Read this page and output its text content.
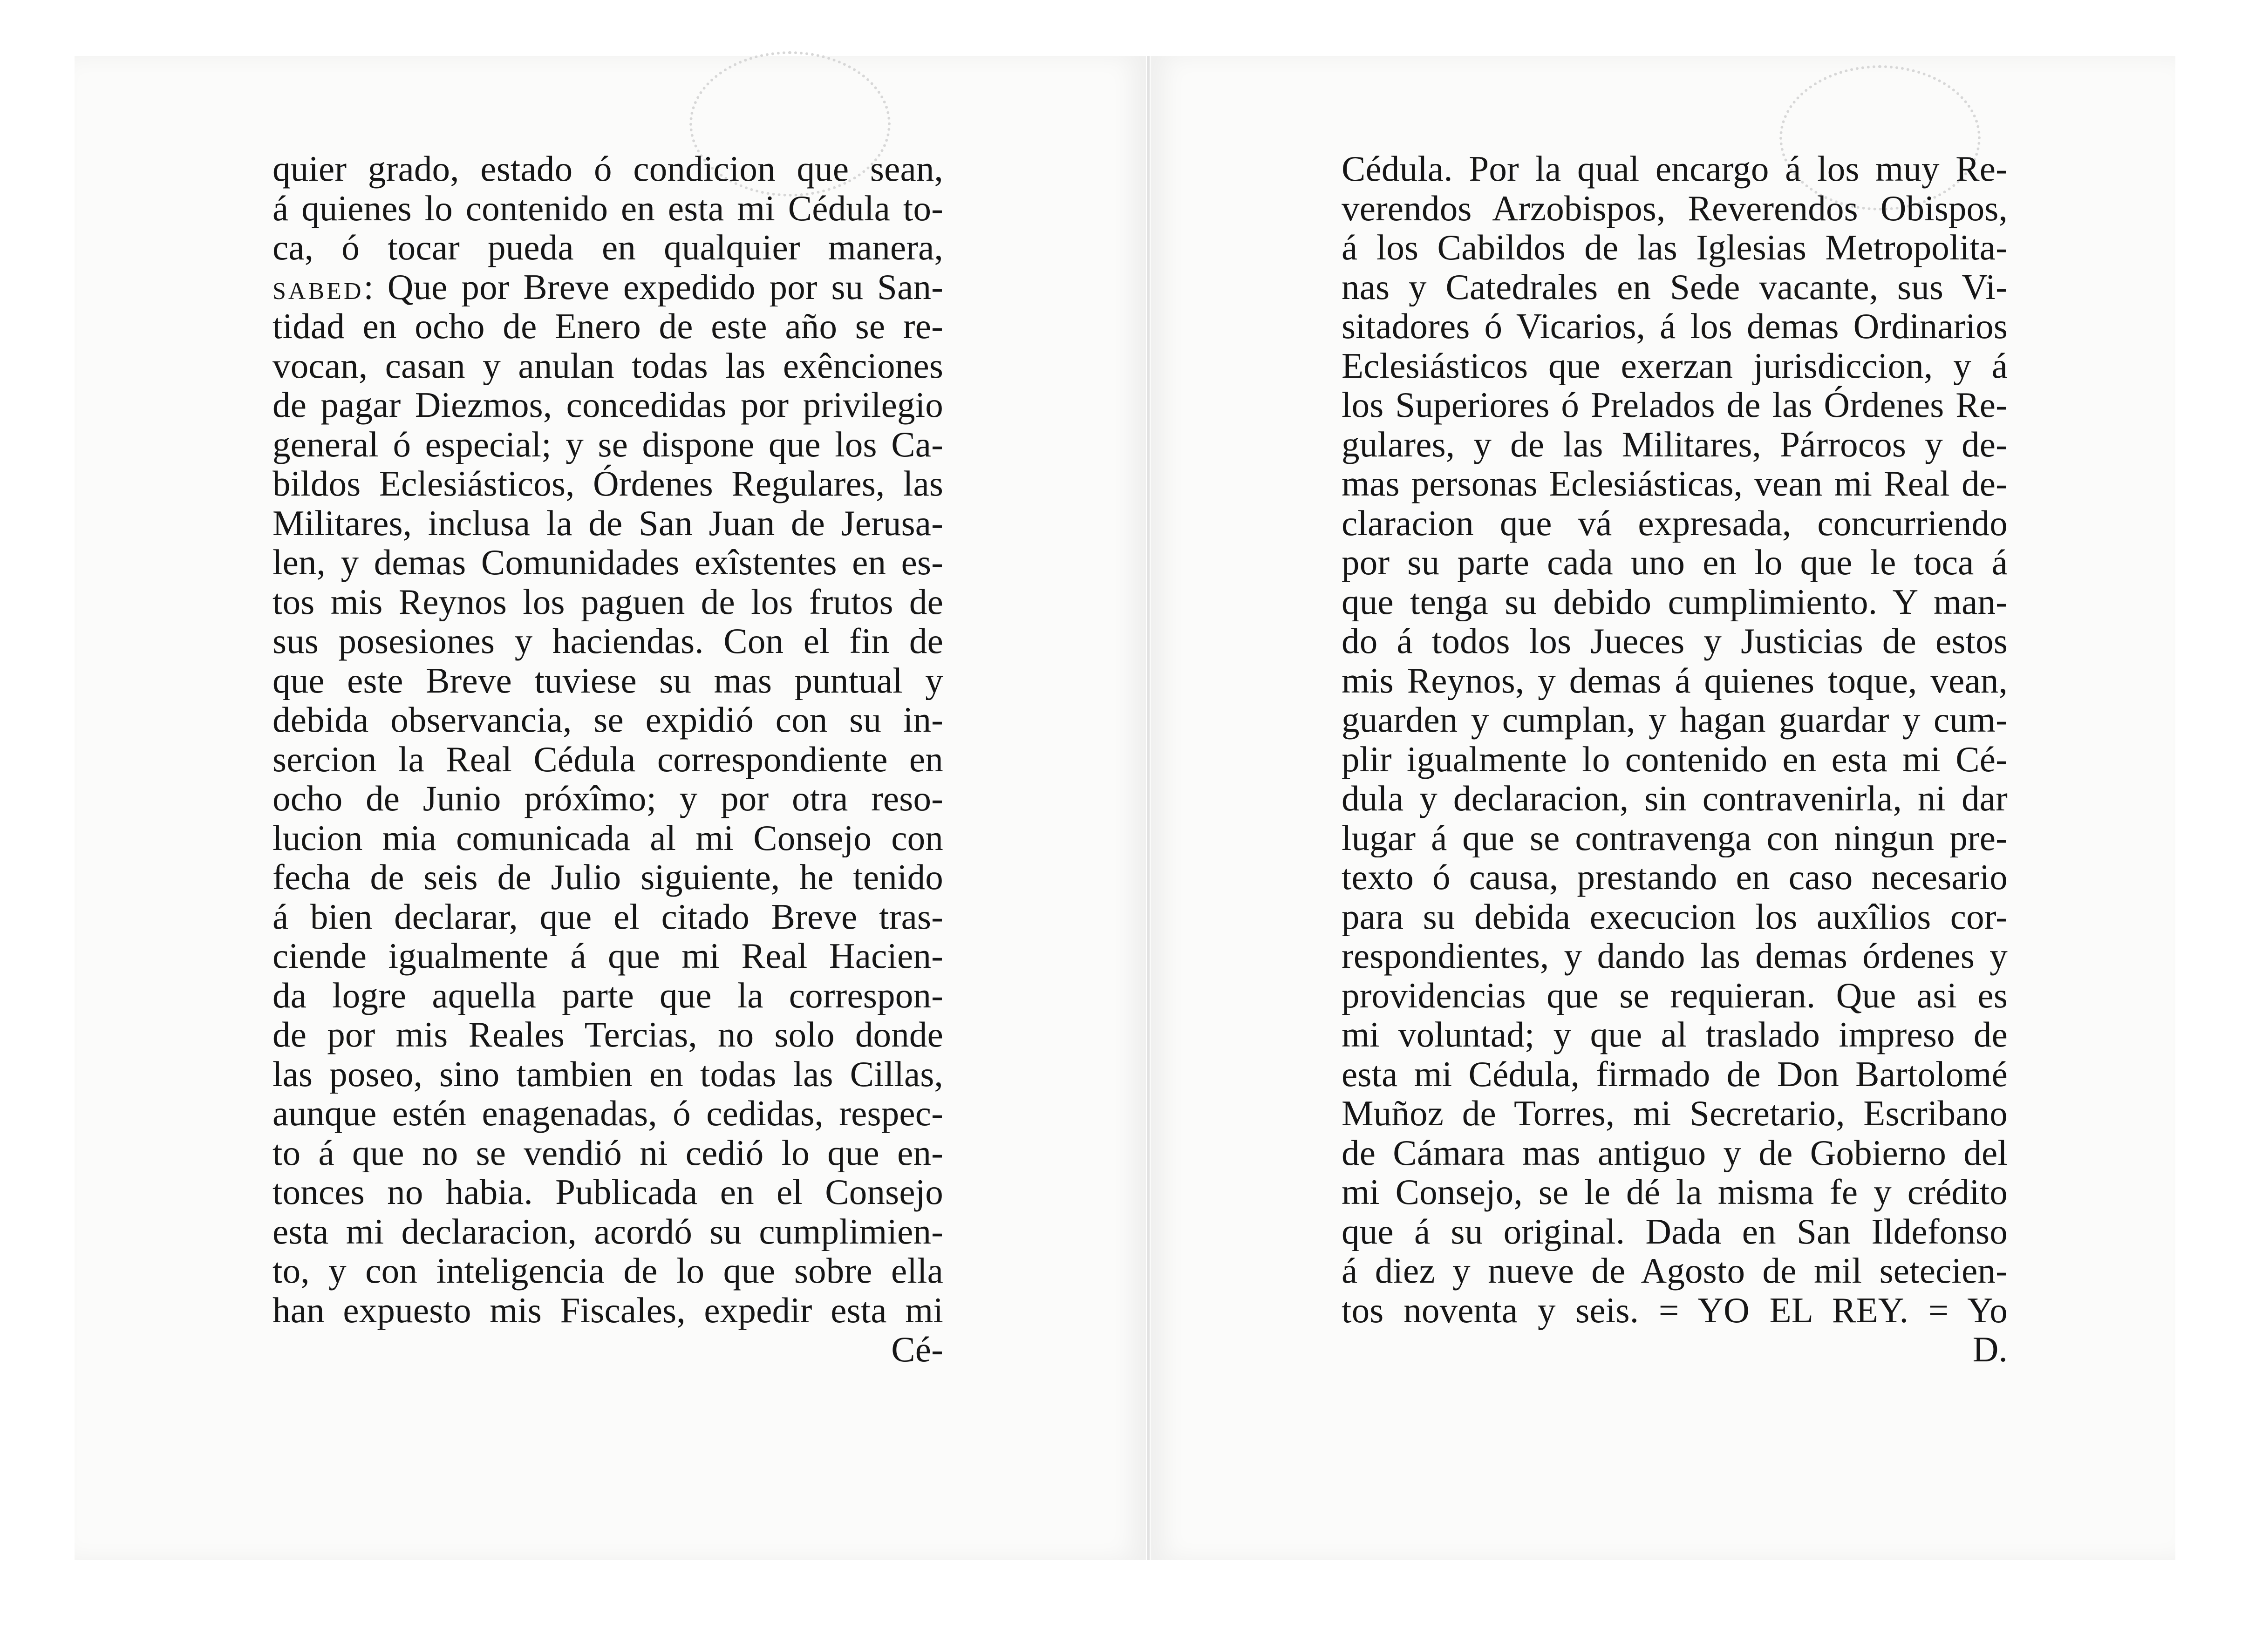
quier grado, estado ó condicion que sean,
á quienes lo contenido en esta mi Cédula to-
ca, ó tocar pueda en qualquier manera,
SABED: Que por Breve expedido por su San-
tidad en ocho de Enero de este año se re-
vocan, casan y anulan todas las exênciones
de pagar Diezmos, concedidas por privilegio
general ó especial; y se dispone que los Ca-
bildos Eclesiásticos, Órdenes Regulares, las
Militares, inclusa la de San Juan de Jerusa-
len, y demas Comunidades exîstentes en es-
tos mis Reynos los paguen de los frutos de
sus posesiones y haciendas. Con el fin de
que este Breve tuviese su mas puntual y
debida observancia, se expidió con su in-
sercion la Real Cédula correspondiente en
ocho de Junio próxîmo; y por otra reso-
lucion mia comunicada al mi Consejo con
fecha de seis de Julio siguiente, he tenido
á bien declarar, que el citado Breve tras-
ciende igualmente á que mi Real Hacien-
da logre aquella parte que la correspon-
de por mis Reales Tercias, no solo donde
las poseo, sino tambien en todas las Cillas,
aunque estén enagenadas, ó cedidas, respec-
to á que no se vendió ni cedió lo que en-
tonces no habia. Publicada en el Consejo
esta mi declaracion, acordó su cumplimien-
to, y con inteligencia de lo que sobre ella
han expuesto mis Fiscales, expedir esta mi
Cé-
Cédula. Por la qual encargo á los muy Re-
verendos Arzobispos, Reverendos Obispos,
á los Cabildos de las Iglesias Metropolita-
nas y Catedrales en Sede vacante, sus Vi-
sitadores ó Vicarios, á los demas Ordinarios
Eclesiásticos que exerzan jurisdiccion, y á
los Superiores ó Prelados de las Órdenes Re-
gulares, y de las Militares, Párrocos y de-
mas personas Eclesiásticas, vean mi Real de-
claracion que vá expresada, concurriendo
por su parte cada uno en lo que le toca á
que tenga su debido cumplimiento. Y man-
do á todos los Jueces y Justicias de estos
mis Reynos, y demas á quienes toque, vean,
guarden y cumplan, y hagan guardar y cum-
plir igualmente lo contenido en esta mi Cé-
dula y declaracion, sin contravenirla, ni dar
lugar á que se contravenga con ningun pre-
texto ó causa, prestando en caso necesario
para su debida execucion los auxîlios cor-
respondientes, y dando las demas órdenes y
providencias que se requieran. Que asi es
mi voluntad; y que al traslado impreso de
esta mi Cédula, firmado de Don Bartolomé
Muñoz de Torres, mi Secretario, Escribano
de Cámara mas antiguo y de Gobierno del
mi Consejo, se le dé la misma fe y crédito
que á su original. Dada en San Ildefonso
á diez y nueve de Agosto de mil setecien-
tos noventa y seis. = YO EL REY. = Yo
D.
